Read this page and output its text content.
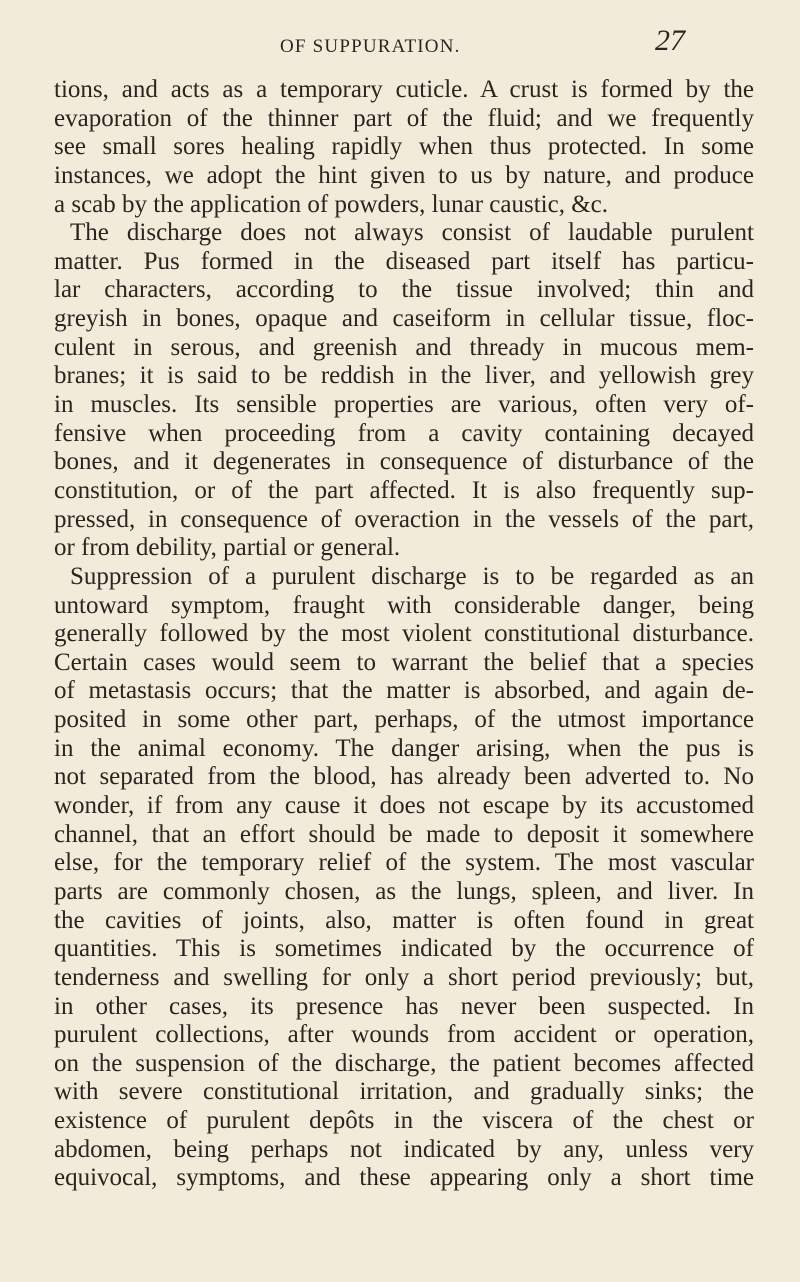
OF SUPPURATION.	27
tions, and acts as a temporary cuticle. A crust is formed by the
evaporation of the thinner part of the fluid; and we frequently
see small sores healing rapidly when thus protected. In some
instances, we adopt the hint given to us by nature, and produce
a scab by the application of powders, lunar caustic, &c.
The discharge does not always consist of laudable purulent
matter. Pus formed in the diseased part itself has particu-
lar characters, according to the tissue involved; thin and
greyish in bones, opaque and caseiform in cellular tissue, floc-
culent in serous, and greenish and thready in mucous mem-
branes; it is said to be reddish in the liver, and yellowish grey
in muscles. Its sensible properties are various, often very of-
fensive when proceeding from a cavity containing decayed
bones, and it degenerates in consequence of disturbance of the
constitution, or of the part affected. It is also frequently sup-
pressed, in consequence of overaction in the vessels of the part,
or from debility, partial or general.
Suppression of a purulent discharge is to be regarded as an
untoward symptom, fraught with considerable danger, being
generally followed by the most violent constitutional disturbance.
Certain cases would seem to warrant the belief that a species
of metastasis occurs; that the matter is absorbed, and again de-
posited in some other part, perhaps, of the utmost importance
in the animal economy. The danger arising, when the pus is
not separated from the blood, has already been adverted to. No
wonder, if from any cause it does not escape by its accustomed
channel, that an effort should be made to deposit it somewhere
else, for the temporary relief of the system. The most vascular
parts are commonly chosen, as the lungs, spleen, and liver. In
the cavities of joints, also, matter is often found in great
quantities. This is sometimes indicated by the occurrence of
tenderness and swelling for only a short period previously; but,
in other cases, its presence has never been suspected. In
purulent collections, after wounds from accident or operation,
on the suspension of the discharge, the patient becomes affected
with severe constitutional irritation, and gradually sinks; the
existence of purulent depôts in the viscera of the chest or
abdomen, being perhaps not indicated by any, unless very
equivocal, symptoms, and these appearing only a short time
